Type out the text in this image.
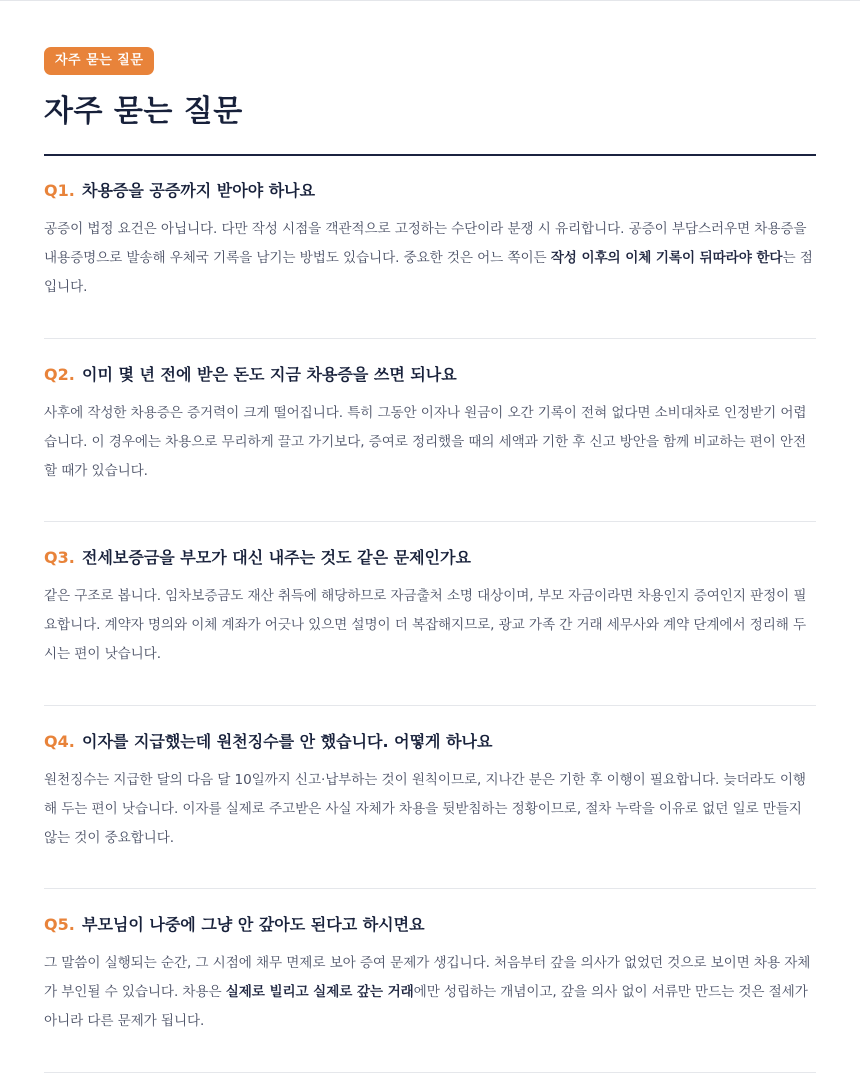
자주 묻는 질문
자주 묻는 질문
Q1. 차용증을 공증까지 받아야 하나요

공증이 법정 요건은 아닙니다. 다만 작성 시점을 객관적으로 고정하는 수단이라 분쟁 시 유리합니다. 공증이 부담스러우면 차용증을 내용증명으로 발송해 우체국 기록을 남기는 방법도 있습니다. 중요한 것은 어느 쪽이든 작성 이후의 이체 기록이 뒤따라야 한다는 점입니다.

Q2. 이미 몇 년 전에 받은 돈도 지금 차용증을 쓰면 되나요

사후에 작성한 차용증은 증거력이 크게 떨어집니다. 특히 그동안 이자나 원금이 오간 기록이 전혀 없다면 소비대차로 인정받기 어렵습니다. 이 경우에는 차용으로 무리하게 끌고 가기보다, 증여로 정리했을 때의 세액과 기한 후 신고 방안을 함께 비교하는 편이 안전할 때가 있습니다.

Q3. 전세보증금을 부모가 대신 내주는 것도 같은 문제인가요

같은 구조로 봅니다. 임차보증금도 재산 취득에 해당하므로 자금출처 소명 대상이며, 부모 자금이라면 차용인지 증여인지 판정이 필요합니다. 계약자 명의와 이체 계좌가 어긋나 있으면 설명이 더 복잡해지므로, 광교 가족 간 거래 세무사와 계약 단계에서 정리해 두시는 편이 낫습니다.

Q4. 이자를 지급했는데 원천징수를 안 했습니다. 어떻게 하나요

원천징수는 지급한 달의 다음 달 10일까지 신고·납부하는 것이 원칙이므로, 지나간 분은 기한 후 이행이 필요합니다. 늦더라도 이행해 두는 편이 낫습니다. 이자를 실제로 주고받은 사실 자체가 차용을 뒷받침하는 정황이므로, 절차 누락을 이유로 없던 일로 만들지 않는 것이 중요합니다.

Q5. 부모님이 나중에 그냥 안 갚아도 된다고 하시면요

그 말씀이 실행되는 순간, 그 시점에 채무 면제로 보아 증여 문제가 생깁니다. 처음부터 갚을 의사가 없었던 것으로 보이면 차용 자체가 부인될 수 있습니다. 차용은 실제로 빌리고 실제로 갚는 거래에만 성립하는 개념이고, 갚을 의사 없이 서류만 만드는 것은 절세가 아니라 다른 문제가 됩니다.
